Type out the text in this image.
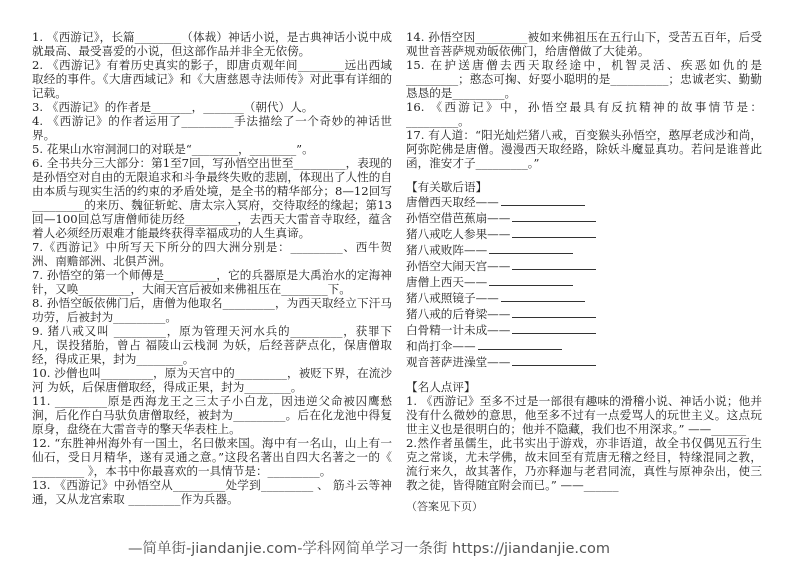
1. 《西游记》，长篇________（体裁）神话小说，是古典神话小说中成就最高、最受喜爱的小说，但这部作品并非全无依傍。

2. 《西游记》有着历史真实的影子，即唐贞观年间________远出西域取经的事件。《大唐西域记》和《大唐慈恩寺法师传》对此事有详细的记载。

3. 《西游记》的作者是_______，_______（朝代）人。

4. 《西游记》的作者运用了_________手法描绘了一个奇妙的神话世界。

5. 花果山水帘洞洞口的对联是“________，________”。

6. 全书共分三大部分：第1至7回，写孙悟空出世至_________，表现的是孙悟空对自由的无限追求和斗争最终失败的悲剧，体现出了人性的自由本质与现实生活的约束的矛盾处境，是全书的精华部分；8—12回写_________的来历、魏征斩蛇、唐太宗入冥府，交待取经的缘起；第13回—100回总写唐僧师徒历经_________，去西天大雷音寺取经，蕴含着人必须经历艰难才能最终获得幸福成功的人生真谛。

7.《西游记》中所写天下所分的四大洲分别是：_________、西牛贺洲、南赡部洲、北俱芦洲。

7. 孙悟空的第一个师傅是_________，它的兵器原是大禹治水的定海神针，又唤_________，大闹天宫后被如来佛祖压在________下。

8. 孙悟空皈依佛门后，唐僧为他取名_________，为西天取经立下汗马功劳，后被封为_________。

9. 猪八戒又叫 _________，原为管理天河水兵的_________，获罪下凡，误投猪胎，曾占 福陵山云栈洞 为妖，后经菩萨点化，保唐僧取经，得成正果，封为________。

10. 沙僧也叫_________，原为天宫中的_________，被贬下界，在流沙河 为妖，后保唐僧取经，得成正果，封为________。

11. _________原是西海龙王之三太子小白龙，因违逆父命被囚鹰愁涧，后化作白马驮负唐僧取经，被封为_________。后在化龙池中得复原身，盘绕在大雷音寺的擎天华表柱上。

12. “东胜神州海外有一国土，名曰傲来国。海中有一名山，山上有一仙石，受日月精华，遂有灵通之意。”这段名著出自四大名著之一的《 _________ 》，本书中你最喜欢的一具情节是：_________。

13. 《西游记》中孙悟空从_________处学到_________ 、 筋斗云等神通，又从龙宫索取 _________作为兵器。

14. 孙悟空因_________被如来佛祖压在五行山下，受苦五百年，后受观世音菩萨规劝皈依佛门，给唐僧做了大徒弟。

15. 在护送唐僧去西天取经途中，机智灵活、疾恶如仇的是_________；憨态可掬、好耍小聪明的是__________；忠诚老实、勤勤恳恳的是_________。

16. 《西游记》中，孙悟空最具有反抗精神的故事情节是：_________。

17. 有人道：“阳光灿烂猪八戒，百变猴头孙悟空，憨厚老成沙和尚，阿弥陀佛是唐僧。漫漫西天取经路，除妖斗魔显真功。若问是谁普此函，淮安才子_________。”

【有关歇后语】
唐僧西天取经——
孙悟空借芭蕉扇——
猪八戒吃人参果——
猪八戒败阵——
孙悟空大闹天宫——
唐僧上西天——
猪八戒照镜子——
猪八戒的后脊梁——
白骨精一计未成——
和尚打伞——
观音菩萨进澡堂——
【名人点评】

1. 《西游记》至多不过是一部很有趣味的滑稽小说、神话小说；他并没有什么微妙的意思，他至多不过有一点爱骂人的玩世主义。这点玩世主义也是很明白的；他并不隐藏，我们也不用深求。” ——______

2.然作者虽儒生，此书实出于游戏，亦非语道，故全书仅偶见五行生克之常谈，尤未学佛，故末回至有荒唐无稽之经目，特缘混同之教，流行来久，故其著作，乃亦释迦与老君同流，真性与原神杂出，使三教之徒，皆得随宜附会而已。” ——______

（答案见下页）
—简单街-jiandanjie.com-学科网简单学习一条街 https://jiandanjie.com
